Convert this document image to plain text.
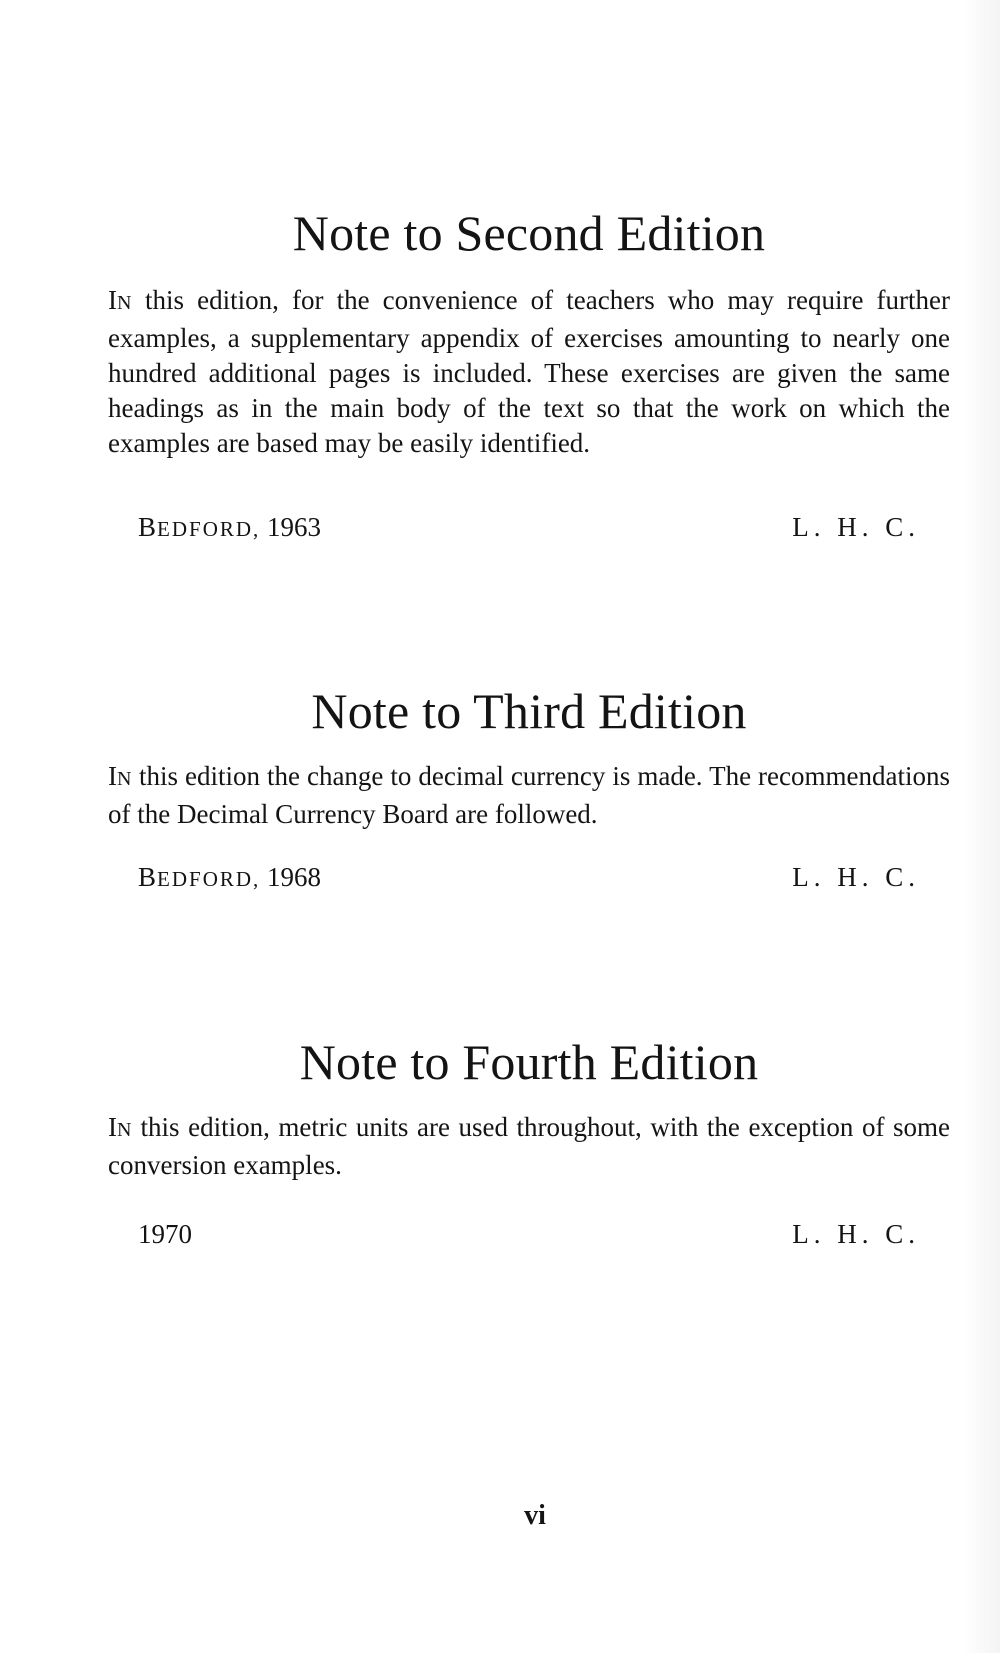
Note to Second Edition

IN this edition, for the convenience of teachers who may require further examples, a supplementary appendix of exercises amounting to nearly one hundred additional pages is included. These exercises are given the same headings as in the main body of the text so that the work on which the examples are based may be easily identified.

BEDFORD, 1963	L. H. C.
Note to Third Edition

IN this edition the change to decimal currency is made. The recommendations of the Decimal Currency Board are followed.

BEDFORD, 1968	L. H. C.
Note to Fourth Edition

IN this edition, metric units are used throughout, with the exception of some conversion examples.

1970	L. H. C.
vi
